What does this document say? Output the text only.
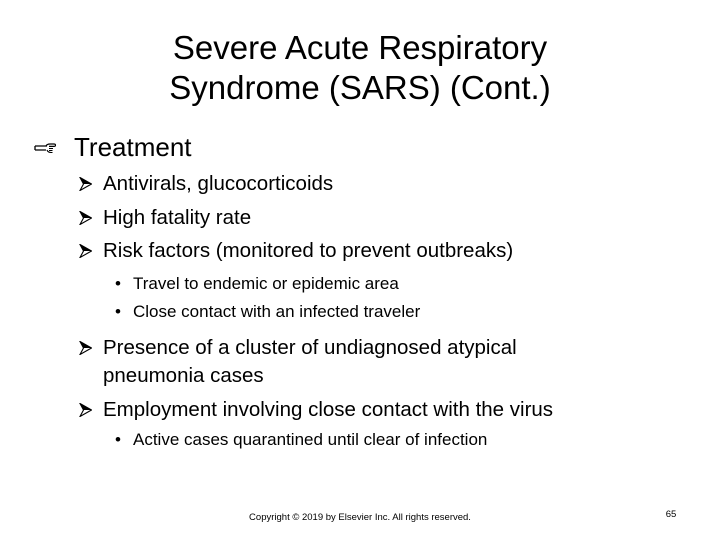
Severe Acute Respiratory
Syndrome (SARS) (Cont.)
Treatment
Antivirals, glucocorticoids
High fatality rate
Risk factors (monitored to prevent outbreaks)
• Travel to endemic or epidemic area
• Close contact with an infected traveler
Presence of a cluster of undiagnosed atypical
pneumonia cases
Employment involving close contact with the virus
• Active cases quarantined until clear of infection
Copyright © 2019 by Elsevier Inc. All rights reserved.	65
